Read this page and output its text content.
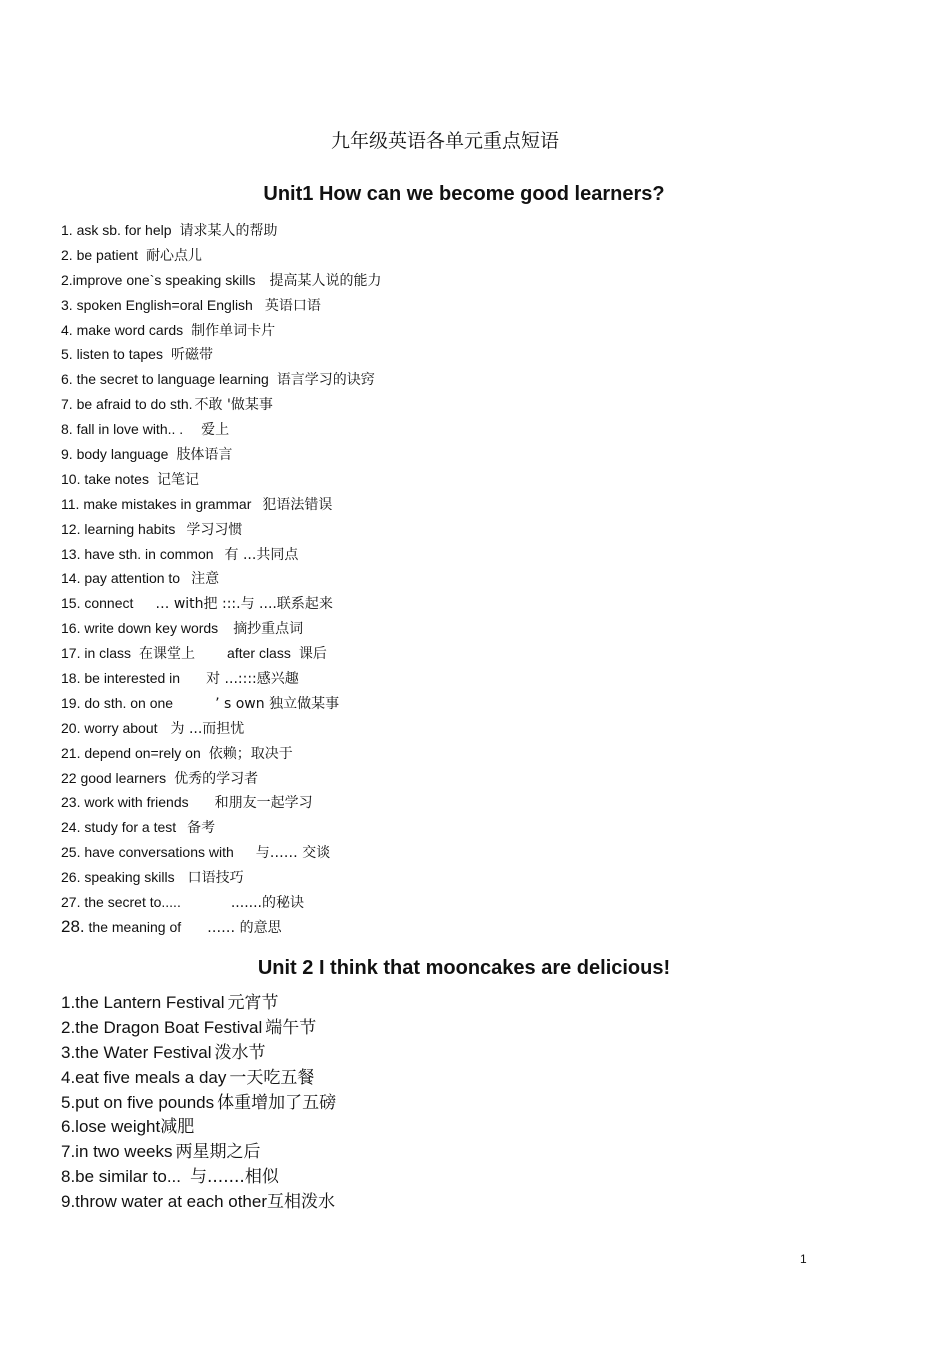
九年级英语各单元重点短语
Unit1 How can we become good learners?
1. ask sb. for help 请求某人的帮助
2. be patient 耐心点儿
2.improve one`s speaking skills 提高某人说的能力
3. spoken English=oral English 英语口语
4. make word cards 制作单词卡片
5. listen to tapes 听磁带
6. the secret to language learning 语言学习的诀窍
7. be afraid to do sth. 不敢 '做某事
8. fall in love with.. . 爱上
9. body language 肢体语言
10. take notes 记笔记
11. make mistakes in grammar 犯语法错误
12. learning habits 学习习惯
13. have sth. in common 有 ...共同点
14. pay attention to 注意
15. connect … with把 :::.与 ....联系起来
16. write down key words 摘抄重点词
17. in class 在课堂上 after class 课后
18. be interested in 对 ...::::感兴趣
19. do sth. on one	’ s own 独立做某事
20. worry about 为 ...而担忧
21. depend on=rely on 依赖；取决于
22 good learners 优秀的学习者
23. work with friends 和朋友一起学习
24. study for a test 备考
25. have conversations with 与…… 交谈
26. speaking skills 口语技巧
27. the secret to.....	.......的秘诀
28. the meaning of …… 的意思
Unit 2 I think that mooncakes are delicious!
1.the Lantern Festival 元宵节
2.the Dragon Boat Festival 端午节
3.the Water Festival 泼水节
4.eat five meals a day 一天吃五餐
5.put on five pounds 体重增加了五磅
6.lose weight减肥
7.in two weeks 两星期之后
8.be similar to... 与.......相似
9.throw water at each other互相泼水
1
